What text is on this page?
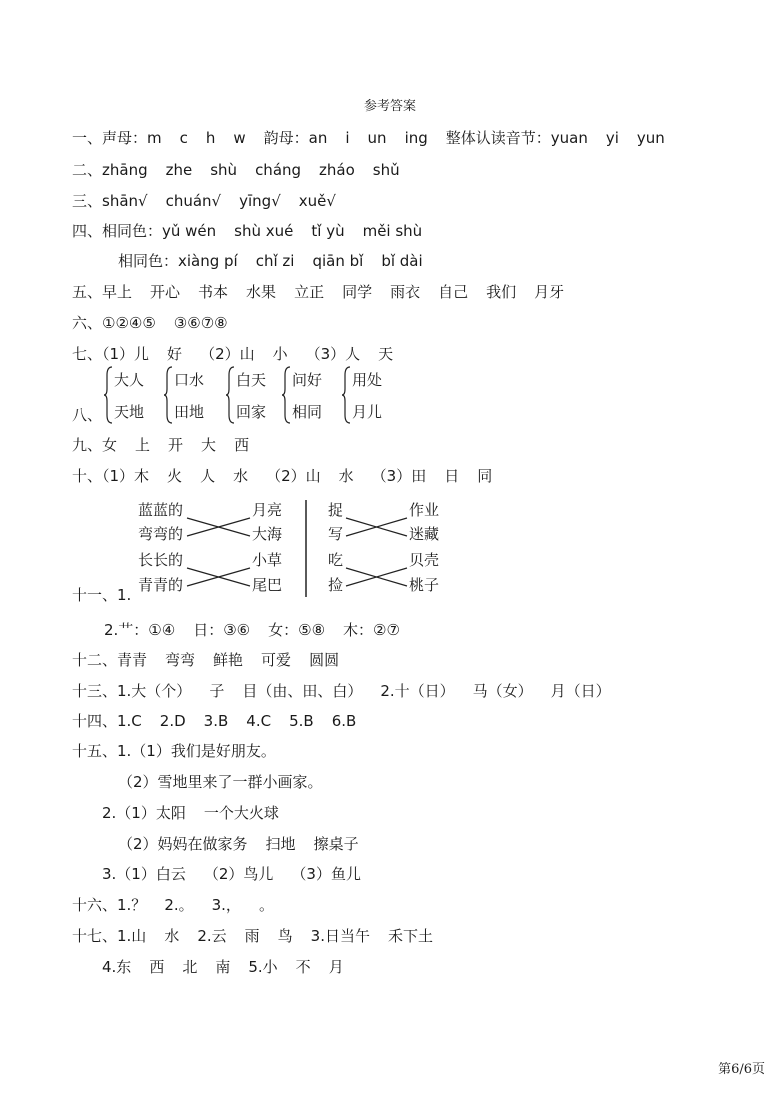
参考答案
一、声母：m c h w 韵母：an i un ing 整体认读音节：yuan yi yun
二、zhāng zhe shù cháng zháo shǔ
三、shān√ chuán√ yīng√ xuě√
四、相同色：yǔ wén shù xué tǐ yù měi shù
相同色：xiàng pí chǐ zi qiān bǐ bǐ dài
五、早上 开心 书本 水果 立正 同学 雨衣 自己 我们 月牙
六、①②④⑤ ③⑥⑦⑧
七、（1）儿 好 （2）山 小 （3）人 天
八、
九、女 上 开 大 西
十、（1）木 火 人 水 （2）山 水 （3）田 日 同
十一、1.
2.艹：①④ 日：③⑥ 女：⑤⑧ 木：②⑦
十二、青青 弯弯 鲜艳 可爱 圆圆
十三、1.大（个） 子 目（由、田、白） 2.十（日） 马（女） 月（日）
十四、1.C 2.D 3.B 4.C 5.B 6.B
十五、1.（1）我们是好朋友。
（2）雪地里来了一群小画家。
2.（1）太阳 一个大火球
（2）妈妈在做家务 扫地 擦桌子
3.（1）白云 （2）鸟儿 （3）鱼儿
十六、1.？ 2.。 3.， 。
十七、1.山 水 2.云 雨 鸟 3.日当午 禾下土
4.东 西 北 南 5.小 不 月
大人
天地
口水
田地
白天
回家
问好
相同
用处
月儿
蓝蓝的
弯弯的
长长的
青青的
月亮
大海
小草
尾巴
捉
写
吃
捡
作业
迷藏
贝壳
桃子
第6/6页
